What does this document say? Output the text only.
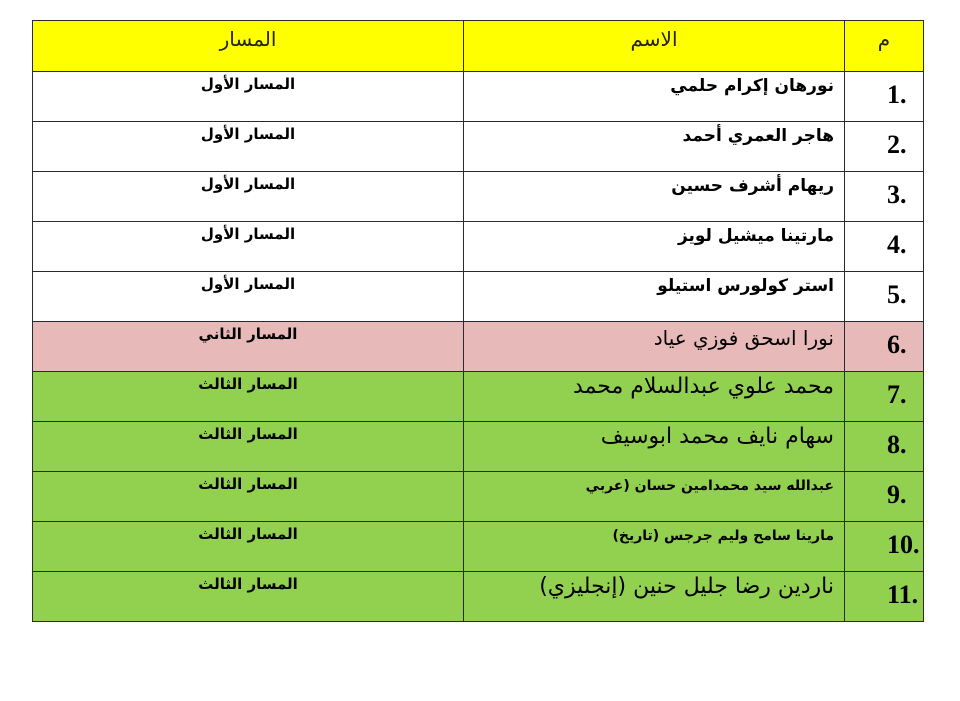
م	الاسم	المسار
1.	نورهان إكرام حلمي	المسار الأول
2.	هاجر العمري أحمد	المسار الأول
3.	ريهام أشرف حسين	المسار الأول
4.	مارتينا ميشيل لويز	المسار الأول
5.	استر كولورس استيلو	المسار الأول
6.	نورا اسحق فوزي عياد	المسار الثاني
7.	محمد علوي عبدالسلام محمد	المسار الثالث
8.	سهام نايف محمد ابوسيف	المسار الثالث
9.	عبدالله سيد محمدامين حسان (عربي	المسار الثالث
10.	مارينا سامح وليم جرجس (تاريخ)	المسار الثالث
11.	ناردين رضا جليل حنين (إنجليزي)	المسار الثالث
